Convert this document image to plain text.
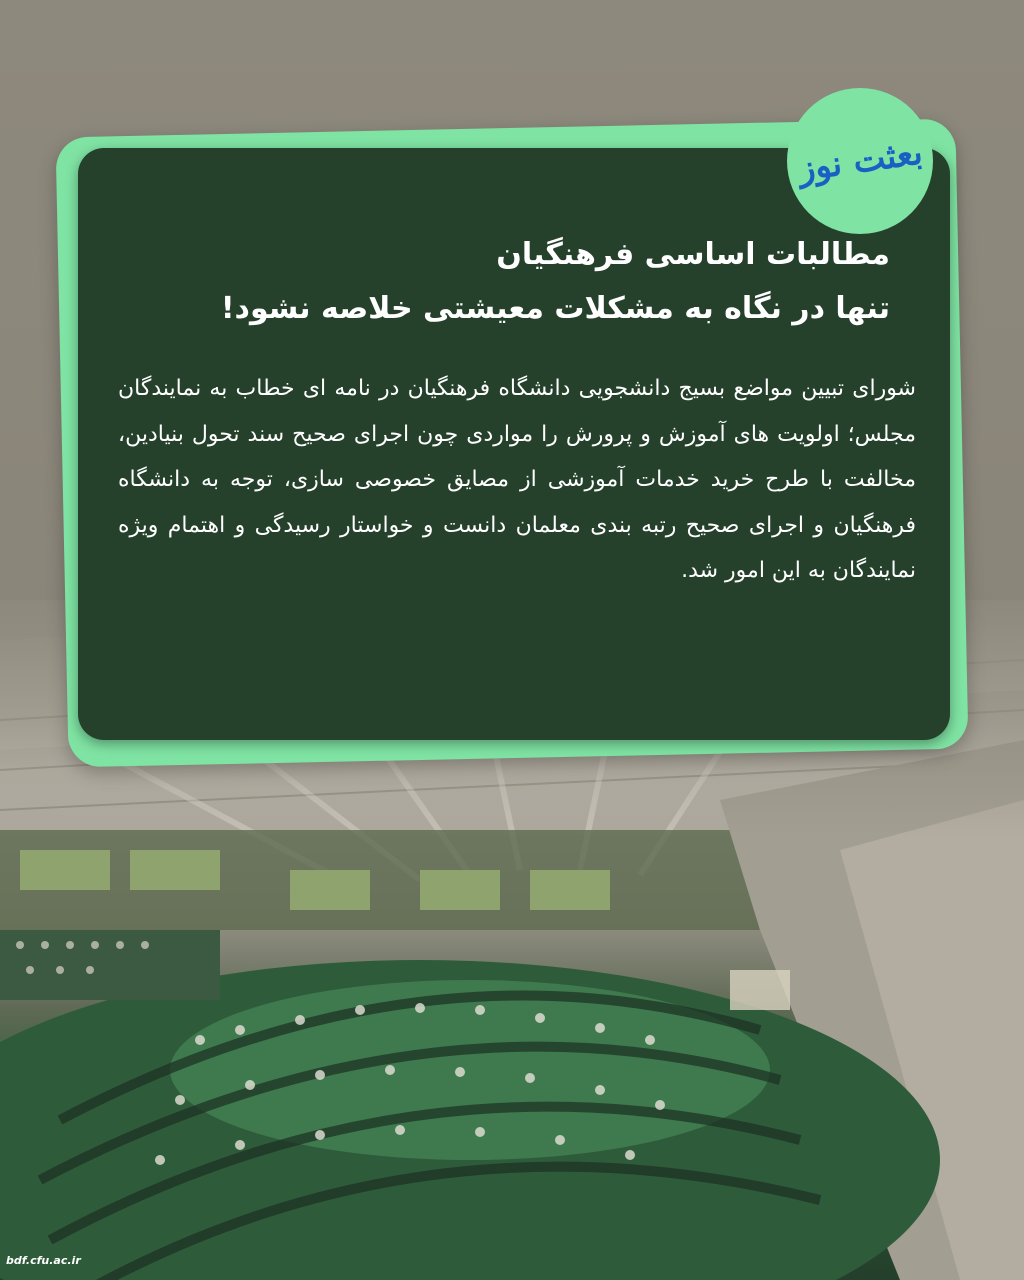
بعثت نوز
مطالبات اساسی فرهنگیان
تنها در نگاه به مشکلات معیشتی خلاصه نشود!
شورای تبیین مواضع بسیج دانشجویی دانشگاه فرهنگیان در نامه ای خطاب به نمایندگان مجلس؛ اولویت های آموزش و پرورش را مواردی چون اجرای صحیح سند تحول بنیادین، مخالفت با طرح خرید خدمات آموزشی از مصایق خصوصی سازی، توجه به دانشگاه فرهنگیان و اجرای صحیح رتبه بندی معلمان دانست و خواستار رسیدگی و اهتمام ویژه نمایندگان به این امور شد.
bdf.cfu.ac.ir
